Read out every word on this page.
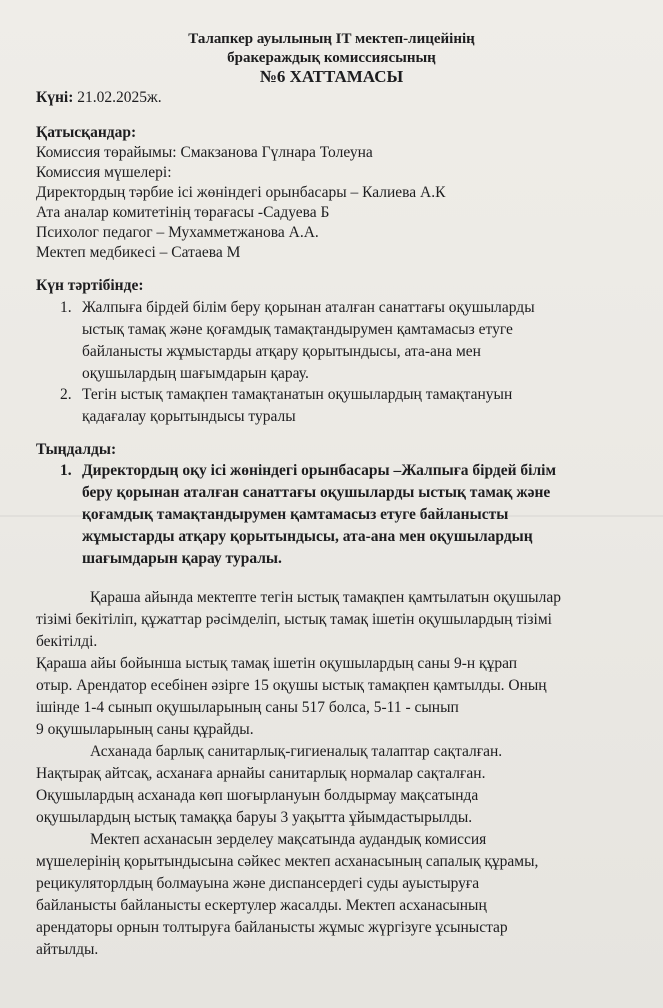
Талапкер ауылының IT мектеп-лицейінің
бракераждық комиссиясының
№6 ХАТТАМАСЫ
Күні: 21.02.2025ж.
Қатысқандар:
Комиссия төрайымы: Смакзанова Гүлнара Толеуна
Комиссия мүшелері:
Директордың тәрбие ісі жөніндегі орынбасары – Калиева А.К
Ата аналар комитетінің төрағасы -Садуева Б
Психолог педагог – Мухамметжанова А.А.
Мектеп медбикесі – Сатаева М
Күн тәртібінде:
1. Жалпыға бірдей білім беру қорынан аталған санаттағы оқушыларды
ыстық тамақ және қоғамдық тамақтандырумен қамтамасыз етуге
байланысты жұмыстарды атқару қорытындысы, ата-ана мен
оқушылардың шағымдарын қарау.
2. Тегін ыстық тамақпен тамақтанатын оқушылардың тамақтануын
қадағалау қорытындысы туралы
Тыңдалды:
1. Директордың оқу ісі жөніндегі орынбасары –Жалпыға бірдей білім
беру қорынан аталған санаттағы оқушыларды ыстық тамақ және
қоғамдық тамақтандырумен қамтамасыз етуге байланысты
жұмыстарды атқару қорытындысы, ата-ана мен оқушылардың
шағымдарын қарау туралы.
Қараша айында мектепте тегін ыстық тамақпен қамтылатын оқушылар
тізімі бекітіліп, құжаттар рәсімделіп, ыстық тамақ ішетін оқушылардың тізімі
бекітілді.
Қараша айы бойынша ыстық тамақ ішетін оқушылардың саны 9-н құрап
отыр. Арендатор есебінен әзірге 15 оқушы ыстық тамақпен қамтылды. Оның
ішінде 1-4 сынып оқушыларының саны 517 болса, 5-11 - сынып
9 оқушыларының саны құрайды.
Асханада барлық санитарлық-гигиеналық талаптар сақталған.
Нақтырақ айтсақ, асханаға арнайы санитарлық нормалар сақталған.
Оқушылардың асханада көп шоғырлануын болдырмау мақсатында
оқушылардың ыстық тамаққа баруы 3 уақытта ұйымдастырылды.
Мектеп асханасын зерделеу мақсатында аудандық комиссия
мүшелерінің қорытындысына сәйкес мектеп асханасының сапалық құрамы,
рецикуляторлдың болмауына және диспансердегі суды ауыстыруға
байланысты байланысты ескертулер жасалды. Мектеп асханасының
арендаторы орнын толтыруға байланысты жұмыс жүргізуге ұсыныстар
айтылды.
